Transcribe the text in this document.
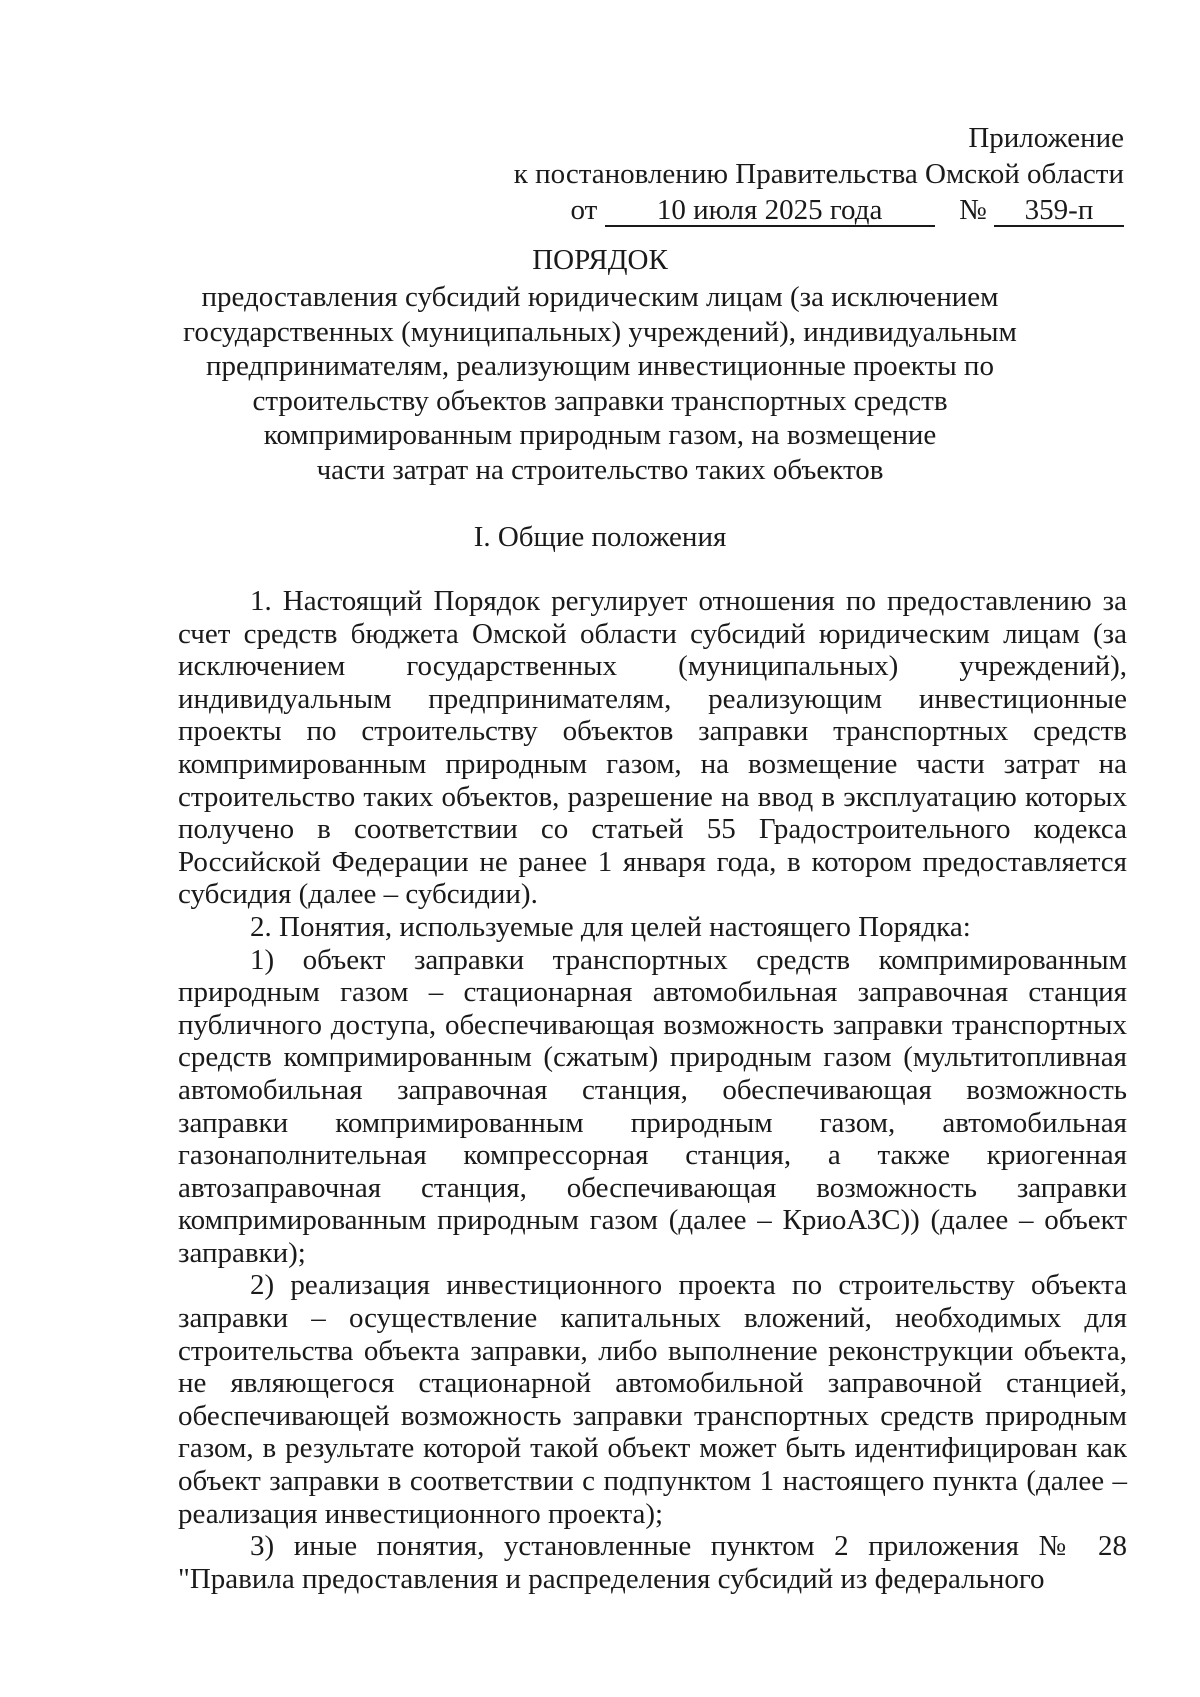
Приложение
к постановлению Правительства Омской области
от 10 июля 2025 года	№ 359-п
ПОРЯДОК
предоставления субсидий юридическим лицам (за исключением
государственных (муниципальных) учреждений), индивидуальным
предпринимателям, реализующим инвестиционные проекты по
строительству объектов заправки транспортных средств
компримированным природным газом, на возмещение
части затрат на строительство таких объектов
I. Общие положения

1. Настоящий Порядок регулирует отношения по предоставлению за счет средств бюджета Омской области субсидий юридическим лицам (за исключением государственных (муниципальных) учреждений), индивидуальным предпринимателям, реализующим инвестиционные проекты по строительству объектов заправки транспортных средств компримированным природным газом, на возмещение части затрат на строительство таких объектов, разрешение на ввод в эксплуатацию которых получено в соответствии со статьей 55 Градостроительного кодекса Российской Федерации не ранее 1 января года, в котором предоставляется субсидия (далее – субсидии).

2. Понятия, используемые для целей настоящего Порядка:

1) объект заправки транспортных средств компримированным природным газом – стационарная автомобильная заправочная станция публичного доступа, обеспечивающая возможность заправки транспортных средств компримированным (сжатым) природным газом (мультитопливная автомобильная заправочная станция, обеспечивающая возможность заправки компримированным природным газом, автомобильная газонаполнительная компрессорная станция, а также криогенная автозаправочная станция, обеспечивающая возможность заправки компримированным природным газом (далее – КриоАЗС)) (далее – объект заправки);

2) реализация инвестиционного проекта по строительству объекта заправки – осуществление капитальных вложений, необходимых для строительства объекта заправки, либо выполнение реконструкции объекта, не являющегося стационарной автомобильной заправочной станцией, обеспечивающей возможность заправки транспортных средств природным газом, в результате которой такой объект может быть идентифицирован как объект заправки в соответствии с подпунктом 1 настоящего пункта (далее – реализация инвестиционного проекта);

3) иные понятия, установленные пунктом 2 приложения № 28 "Правила предоставления и распределения субсидий из федерального
